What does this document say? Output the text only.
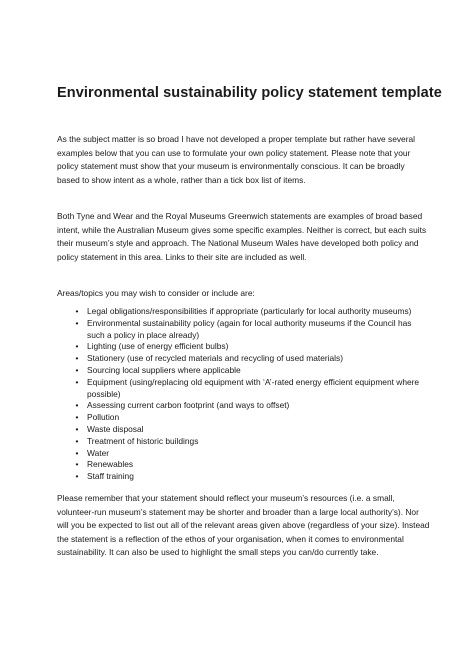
Environmental sustainability policy statement template

As the subject matter is so broad I have not developed a proper template but rather have several
examples below that you can use to formulate your own policy statement. Please note that your
policy statement must show that your museum is environmentally conscious. It can be broadly
based to show intent as a whole, rather than a tick box list of items.

Both Tyne and Wear and the Royal Museums Greenwich statements are examples of broad based
intent, while the Australian Museum gives some specific examples. Neither is correct, but each suits
their museum’s style and approach. The National Museum Wales have developed both policy and
policy statement in this area. Links to their site are included as well.

Areas/topics you may wish to consider or include are:

•	Legal obligations/responsibilities if appropriate (particularly for local authority museums)
•	Environmental sustainability policy (again for local authority museums if the Council has
such a policy in place already)
•	Lighting (use of energy efficient bulbs)
•	Stationery (use of recycled materials and recycling of used materials)
•	Sourcing local suppliers where applicable
•	Equipment (using/replacing old equipment with ‘A’-rated energy efficient equipment where
possible)
•	Assessing current carbon footprint (and ways to offset)
•	Pollution
•	Waste disposal
•	Treatment of historic buildings
•	Water
•	Renewables
•	Staff training

Please remember that your statement should reflect your museum’s resources (i.e. a small,
volunteer-run museum’s statement may be shorter and broader than a large local authority’s). Nor
will you be expected to list out all of the relevant areas given above (regardless of your size). Instead
the statement is a reflection of the ethos of your organisation, when it comes to environmental
sustainability. It can also be used to highlight the small steps you can/do currently take.
